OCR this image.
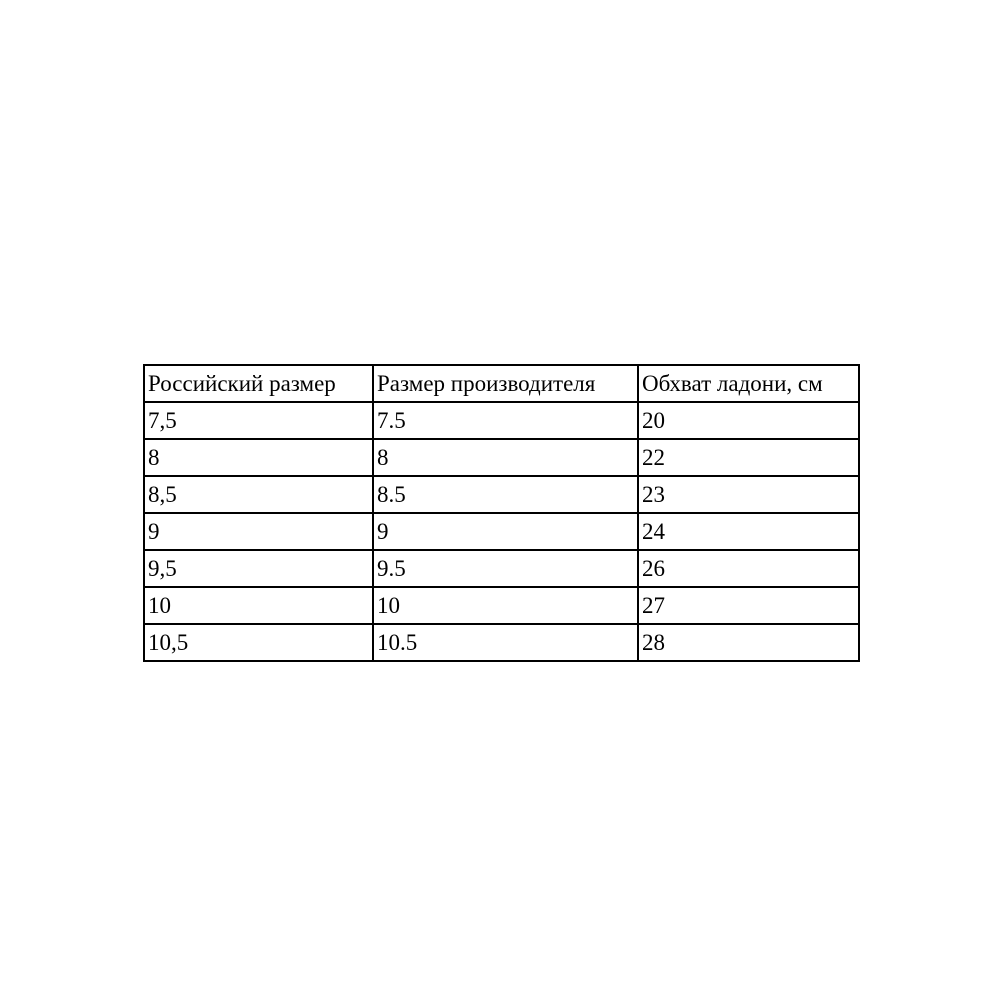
Российский размер	Размер производителя	Обхват ладони, см
7,5	7.5	20
8	8	22
8,5	8.5	23
9	9	24
9,5	9.5	26
10	10	27
10,5	10.5	28
